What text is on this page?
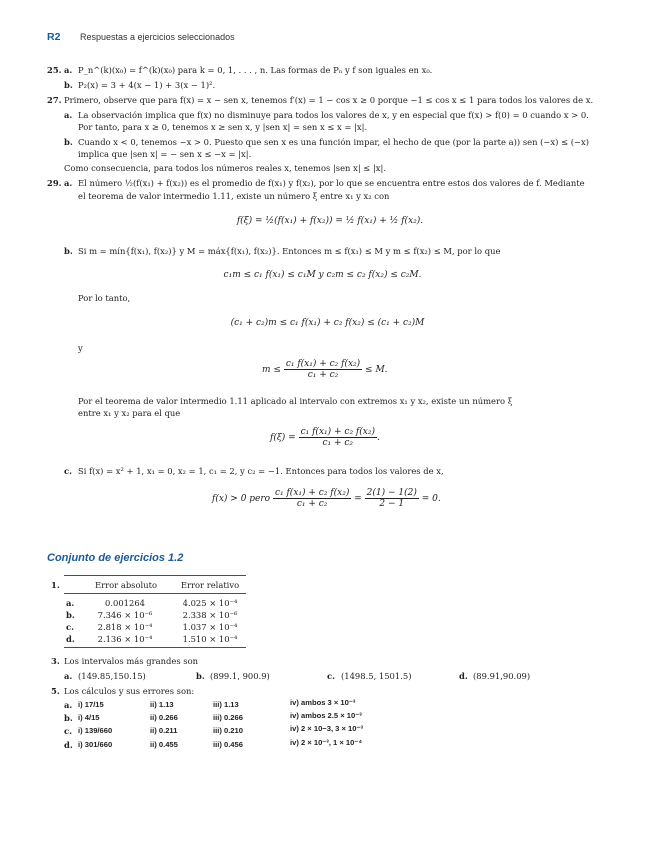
R2 Respuestas a ejercicios seleccionados
25. a. P_n^(k)(x₀) = f^(k)(x₀) para k = 0, 1, . . . , n. Las formas de Pₙ y f son iguales en x₀.
b. P₂(x) = 3 + 4(x − 1) + 3(x − 1)².
27. Primero, observe que para f(x) = x − sen x, tenemos f′(x) = 1 − cos x ≥ 0 porque −1 ≤ cos x ≤ 1 para todos los valores de x.
a. La observación implica que f(x) no disminuye para todos los valores de x, y en especial que f(x) > f(0) = 0 cuando x > 0.
Por tanto, para x ≥ 0, tenemos x ≥ sen x, y |sen x| = sen x ≤ x = |x|.
b. Cuando x < 0, tenemos −x > 0. Puesto que sen x es una función impar, el hecho de que (por la parte a)) sen (−x) ≤ (−x)
implica que |sen x| = − sen x ≤ −x = |x|.
Como consecuencia, para todos los números reales x, tenemos |sen x| ≤ |x|.
29. a. El número ½(f(x₁) + f(x₂)) es el promedio de f(x₁) y f(x₂), por lo que se encuentra entre estos dos valores de f. Mediante
el teorema de valor intermedio 1.11, existe un número ξ entre x₁ y x₂ con
f(ξ) = ½(f(x₁) + f(x₂)) = ½ f(x₁) + ½ f(x₂).
b. Si m = mín{f(x₁), f(x₂)} y M = máx{f(x₁), f(x₂)}. Entonces m ≤ f(x₁) ≤ M y m ≤ f(x₂) ≤ M, por lo que
c₁m ≤ c₁ f(x₁) ≤ c₁M y c₂m ≤ c₂ f(x₂) ≤ c₂M.
Por lo tanto,
(c₁ + c₂)m ≤ c₁ f(x₁) + c₂ f(x₂) ≤ (c₁ + c₂)M
y
$m \le \frac{\text{c₁ f(x₁) + c₂ f(x₂)}}{\text{c₁ + c₂}} \le M$.
Por el teorema de valor intermedio 1.11 aplicado al intervalo con extremos x₁ y x₂, existe un número ξ
entre x₁ y x₂ para el que
$f(\xi) = \frac{\text{c₁ f(x₁) + c₂ f(x₂)}}{\text{c₁ + c₂}}$ .
c. Si f(x) = x² + 1, x₁ = 0, x₂ = 1, c₁ = 2, y c₂ = −1. Entonces para todos los valores de x,
f(x) > 0 pero $\frac{\text{c₁ f(x₁) + c₂ f(x₂)}}{\text{c₁ + c₂}} = \frac{2(1) - 1(2)}{2 - 1} = 0$.
Conjunto de ejercicios 1.2
1.	Error absoluto	Error relativo
a.	0.001264	4.025 × 10⁻⁴
b.	7.346 × 10⁻⁶	2.338 × 10⁻⁶
c.	2.818 × 10⁻⁴	1.037 × 10⁻⁴
d.	2.136 × 10⁻⁴	1.510 × 10⁻⁴
3. Los intervalos más grandes son
a. (149.85,150.15)	b. (899.1, 900.9)	c. (1498.5, 1501.5)	d. (89.91,90.09)
5. Los cálculos y sus errores son:
a. i) 17/15	ii) 1.13	iii) 1.13	iv) ambos 3 × 10⁻³
b. i) 4/15	ii) 0.266	iii) 0.266	iv) ambos 2.5 × 10⁻³
c. i) 139/660	ii) 0.211	iii) 0.210	iv) 2 × 10−3, 3 × 10⁻³
d. i) 301/660	ii) 0.455	iii) 0.456	iv) 2 × 10⁻³, 1 × 10⁻⁴
